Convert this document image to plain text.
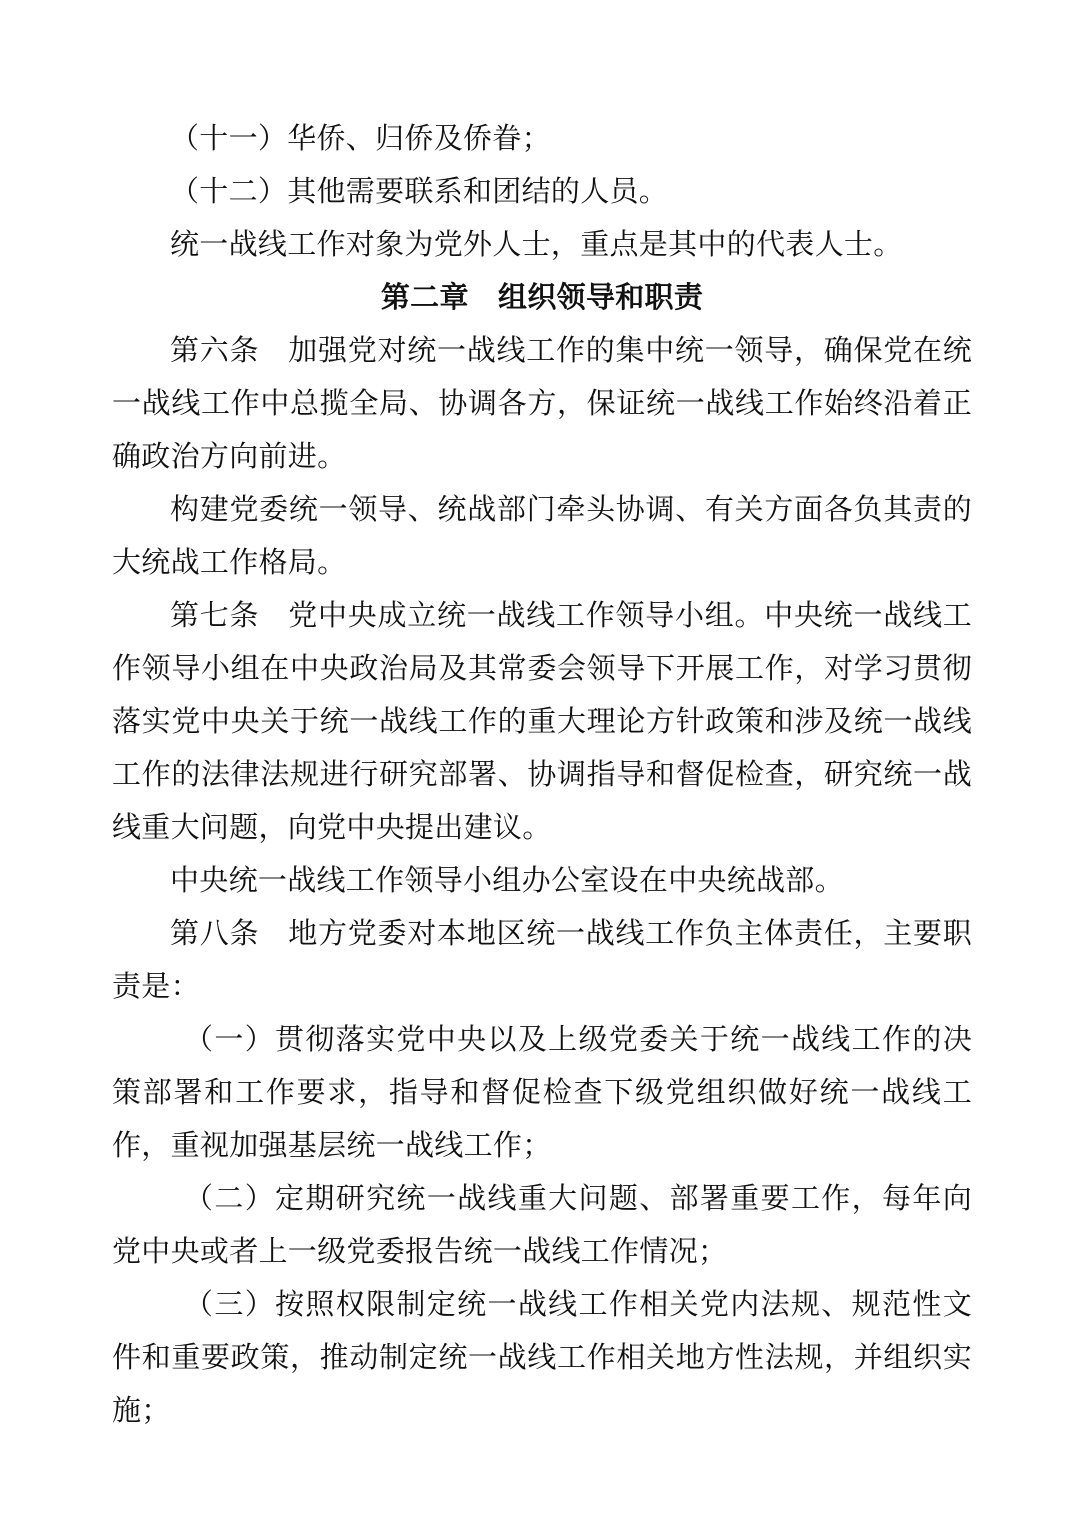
（十一）华侨、归侨及侨眷；

（十二）其他需要联系和团结的人员。

统一战线工作对象为党外人士，重点是其中的代表人士。

第二章　组织领导和职责

第六条 加强党对统一战线工作的集中统一领导，确保党在统一战线工作中总揽全局、协调各方，保证统一战线工作始终沿着正确政治方向前进。

构建党委统一领导、统战部门牵头协调、有关方面各负其责的大统战工作格局。

第七条 党中央成立统一战线工作领导小组。中央统一战线工作领导小组在中央政治局及其常委会领导下开展工作，对学习贯彻落实党中央关于统一战线工作的重大理论方针政策和涉及统一战线工作的法律法规进行研究部署、协调指导和督促检查，研究统一战线重大问题，向党中央提出建议。

中央统一战线工作领导小组办公室设在中央统战部。

第八条 地方党委对本地区统一战线工作负主体责任，主要职责是：

（一）贯彻落实党中央以及上级党委关于统一战线工作的决策部署和工作要求，指导和督促检查下级党组织做好统一战线工作，重视加强基层统一战线工作；

（二）定期研究统一战线重大问题、部署重要工作，每年向党中央或者上一级党委报告统一战线工作情况；

（三）按照权限制定统一战线工作相关党内法规、规范性文件和重要政策，推动制定统一战线工作相关地方性法规，并组织实施；
